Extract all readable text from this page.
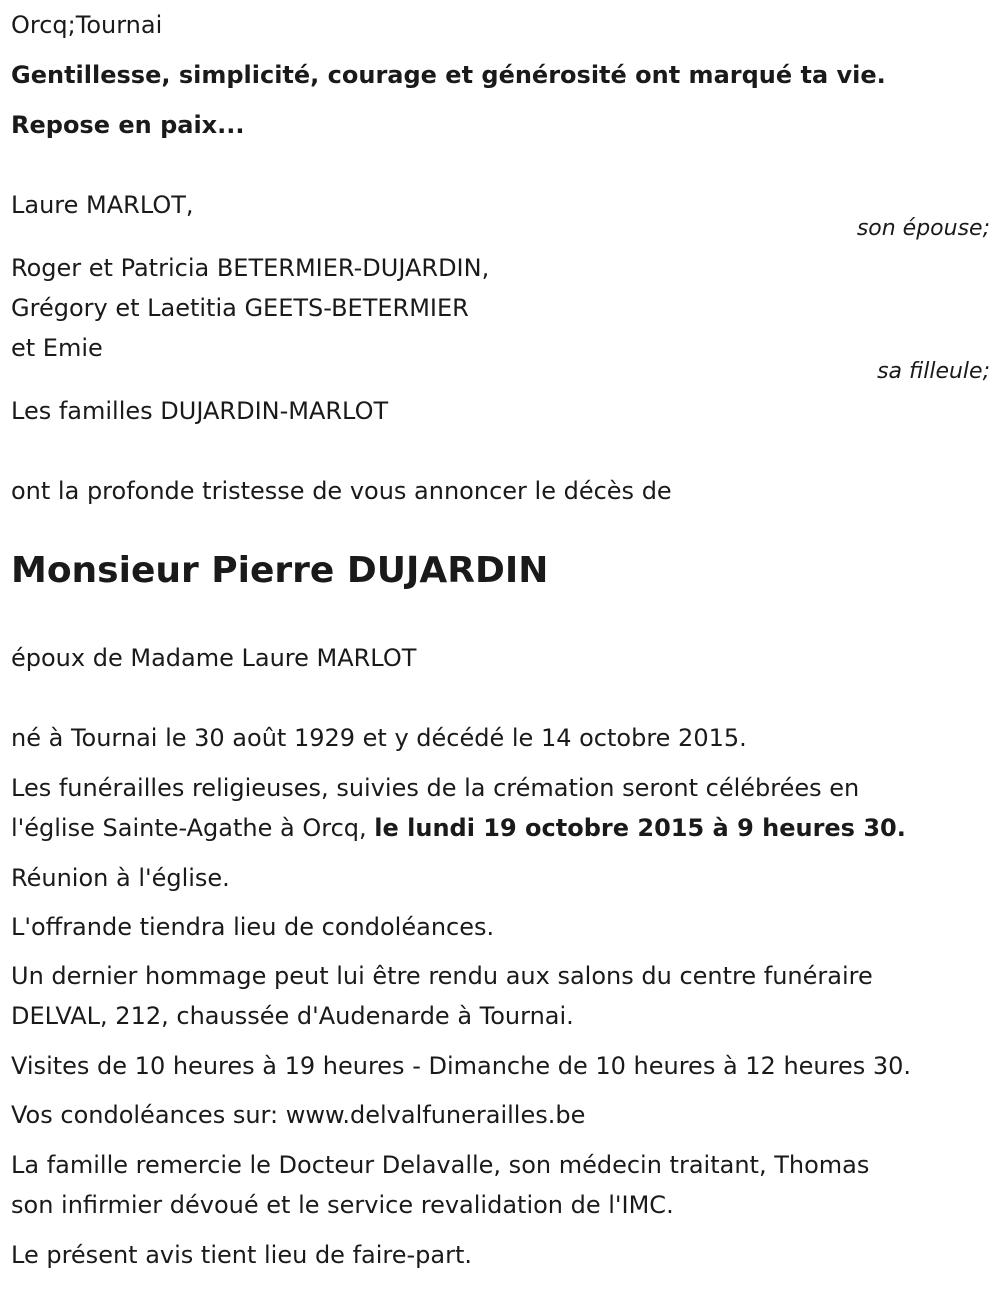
Orcq;Tournai
Gentillesse, simplicité, courage et générosité ont marqué ta vie.
Repose en paix...
Laure MARLOT,
son épouse;
Roger et Patricia BETERMIER-DUJARDIN,
Grégory et Laetitia GEETS-BETERMIER
et Emie
sa filleule;
Les familles DUJARDIN-MARLOT
ont la profonde tristesse de vous annoncer le décès de
Monsieur Pierre DUJARDIN
époux de Madame Laure MARLOT
né à Tournai le 30 août 1929 et y décédé le 14 octobre 2015.
Les funérailles religieuses, suivies de la crémation seront célébrées en
l'église Sainte-Agathe à Orcq, le lundi 19 octobre 2015 à 9 heures 30.
Réunion à l'église.
L'offrande tiendra lieu de condoléances.
Un dernier hommage peut lui être rendu aux salons du centre funéraire
DELVAL, 212, chaussée d'Audenarde à Tournai.
Visites de 10 heures à 19 heures - Dimanche de 10 heures à 12 heures 30.
Vos condoléances sur: www.delvalfunerailles.be
La famille remercie le Docteur Delavalle, son médecin traitant, Thomas
son infirmier dévoué et le service revalidation de l'IMC.
Le présent avis tient lieu de faire-part.
